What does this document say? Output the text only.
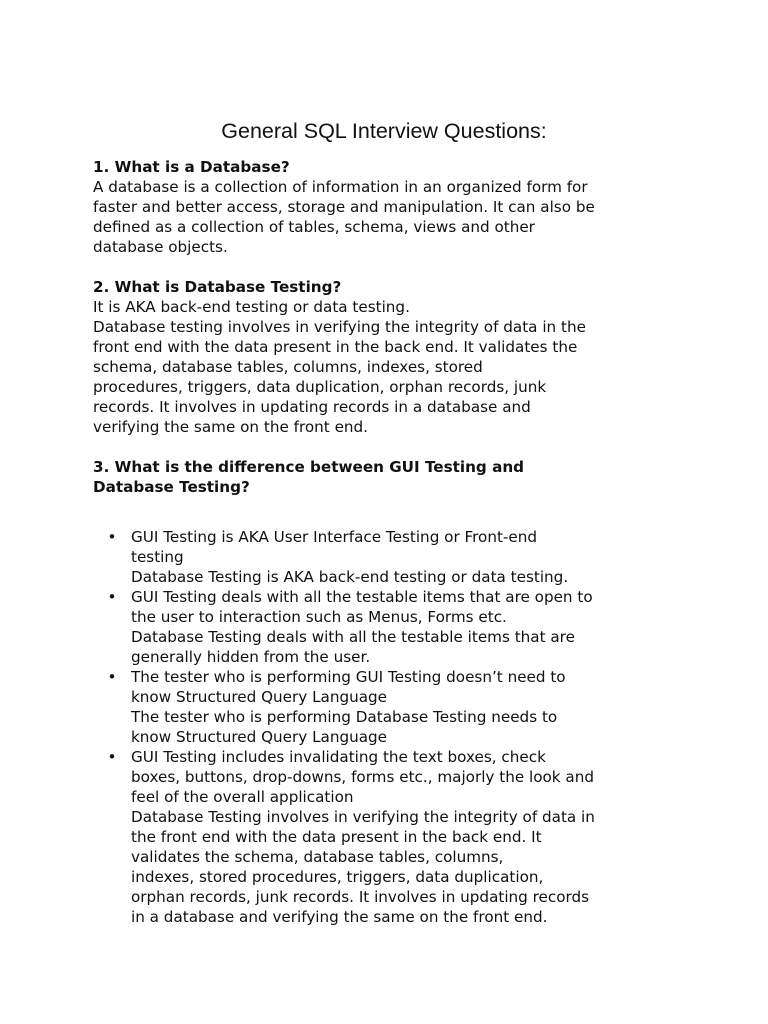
General SQL Interview Questions:

1. What is a Database?

A database is a collection of information in an organized form for
faster and better access, storage and manipulation. It can also be
defined as a collection of tables, schema, views and other
database objects.

2. What is Database Testing?

It is AKA back-end testing or data testing.
Database testing involves in verifying the integrity of data in the
front end with the data present in the back end. It validates the
schema, database tables, columns, indexes, stored
procedures, triggers, data duplication, orphan records, junk
records. It involves in updating records in a database and
verifying the same on the front end.

3. What is the difference between GUI Testing and
Database Testing?

• GUI Testing is AKA User Interface Testing or Front-end
testing
Database Testing is AKA back-end testing or data testing.
• GUI Testing deals with all the testable items that are open to
the user to interaction such as Menus, Forms etc.
Database Testing deals with all the testable items that are
generally hidden from the user.
• The tester who is performing GUI Testing doesn’t need to
know Structured Query Language
The tester who is performing Database Testing needs to
know Structured Query Language
• GUI Testing includes invalidating the text boxes, check
boxes, buttons, drop-downs, forms etc., majorly the look and
feel of the overall application
Database Testing involves in verifying the integrity of data in
the front end with the data present in the back end. It
validates the schema, database tables, columns,
indexes, stored procedures, triggers, data duplication,
orphan records, junk records. It involves in updating records
in a database and verifying the same on the front end.
